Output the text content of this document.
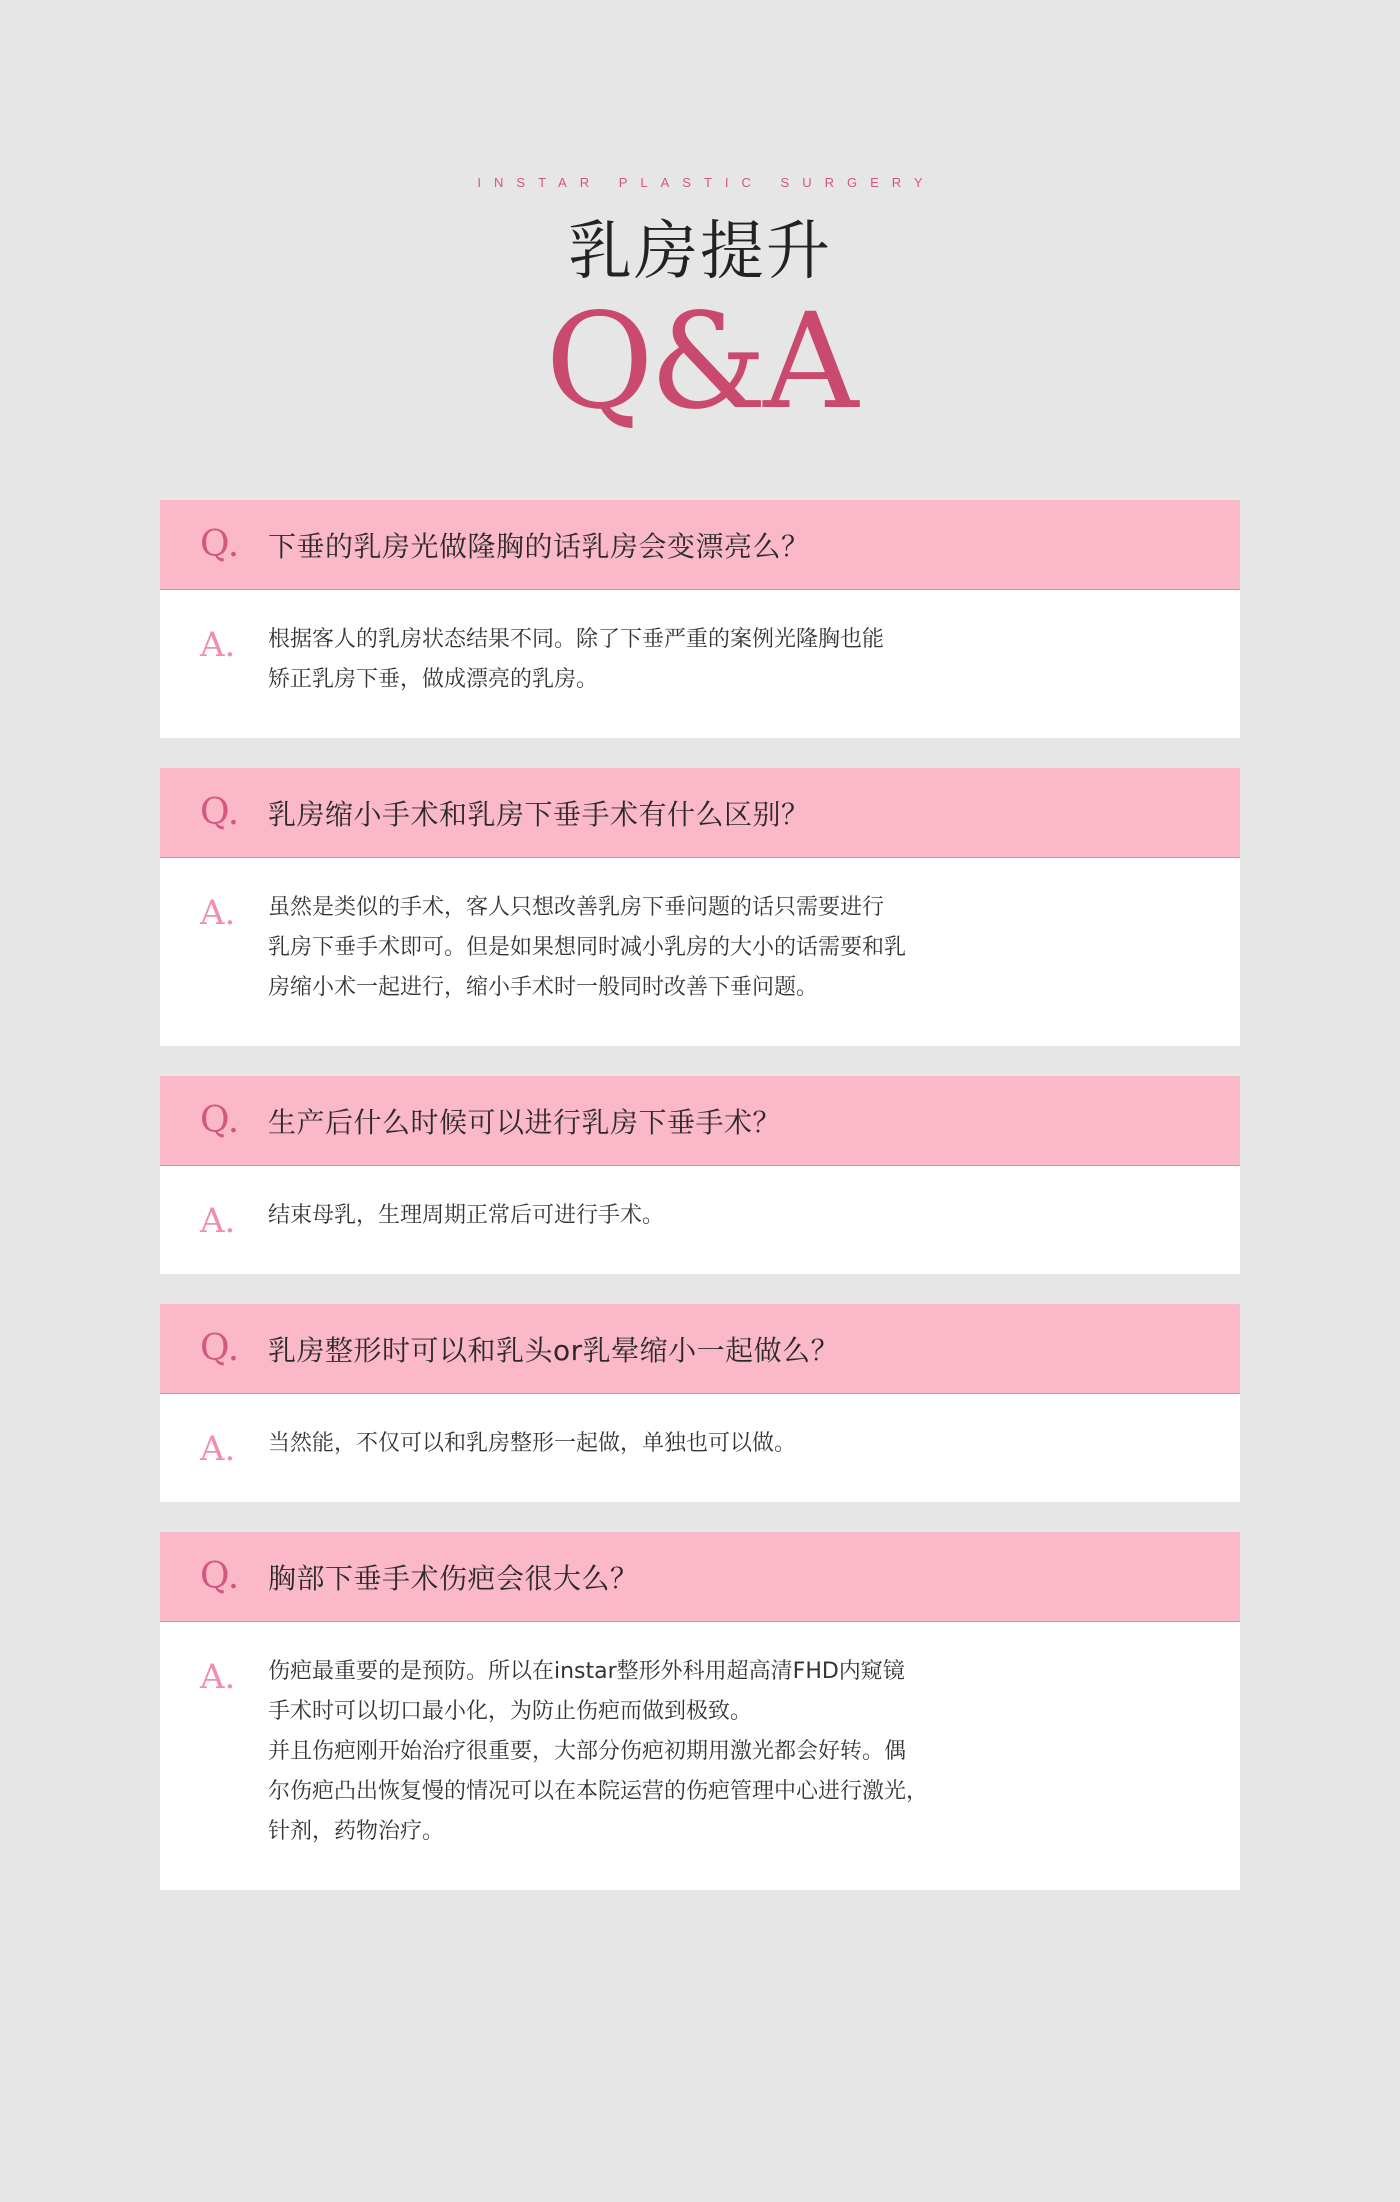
INSTAR PLASTIC SURGERY
乳房提升
Q&A
Q.	下垂的乳房光做隆胸的话乳房会变漂亮么？
A.	根据客人的乳房状态结果不同。除了下垂严重的案例光隆胸也能
矫正乳房下垂，做成漂亮的乳房。
Q.	乳房缩小手术和乳房下垂手术有什么区别？
A.	虽然是类似的手术，客人只想改善乳房下垂问题的话只需要进行
乳房下垂手术即可。但是如果想同时减小乳房的大小的话需要和乳
房缩小术一起进行，缩小手术时一般同时改善下垂问题。
Q.	生产后什么时候可以进行乳房下垂手术？
A.	结束母乳，生理周期正常后可进行手术。
Q.	乳房整形时可以和乳头or乳晕缩小一起做么？
A.	当然能，不仅可以和乳房整形一起做，单独也可以做。
Q.	胸部下垂手术伤疤会很大么？
A.	伤疤最重要的是预防。所以在instar整形外科用超高清FHD内窥镜
手术时可以切口最小化，为防止伤疤而做到极致。
并且伤疤刚开始治疗很重要，大部分伤疤初期用激光都会好转。偶
尔伤疤凸出恢复慢的情况可以在本院运营的伤疤管理中心进行激光，
针剂，药物治疗。
